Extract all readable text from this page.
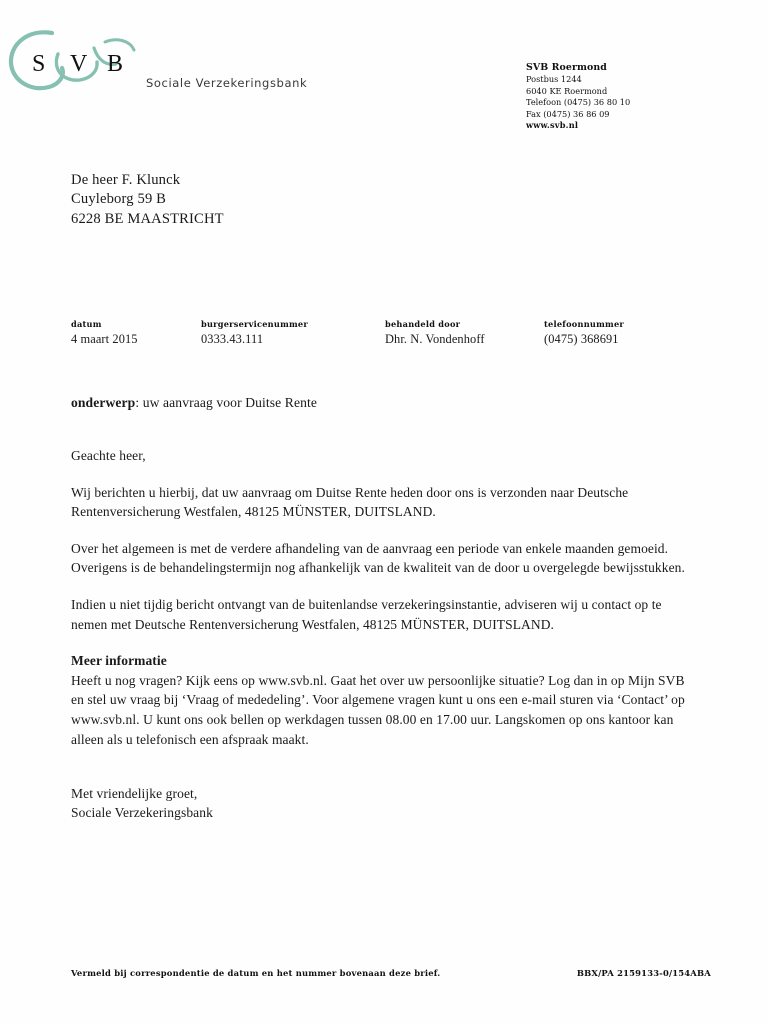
S V B
Sociale Verzekeringsbank
SVB Roermond
Postbus 1244
6040 KE Roermond
Telefoon (0475) 36 80 10
Fax (0475) 36 86 09
www.svb.nl
De heer F. Klunck
Cuyleborg 59 B
6228 BE MAASTRICHT
datum
4 maart 2015
burgerservicenummer
0333.43.111
behandeld door
Dhr. N. Vondenhoff
telefoonnummer
(0475) 368691
onderwerp: uw aanvraag voor Duitse Rente

Geachte heer,

Wij berichten u hierbij, dat uw aanvraag om Duitse Rente heden door ons is verzonden naar Deutsche Rentenversicherung Westfalen, 48125 MÜNSTER, DUITSLAND.

Over het algemeen is met de verdere afhandeling van de aanvraag een periode van enkele maanden gemoeid.

Overigens is de behandelingstermijn nog afhankelijk van de kwaliteit van de door u overgelegde bewijsstukken.

Indien u niet tijdig bericht ontvangt van de buitenlandse verzekeringsinstantie, adviseren wij u contact op te nemen met Deutsche Rentenversicherung Westfalen, 48125 MÜNSTER, DUITSLAND.

Meer informatie
Heeft u nog vragen? Kijk eens op www.svb.nl. Gaat het over uw persoonlijke situatie? Log dan in op Mijn SVB en stel uw vraag bij ‘Vraag of mededeling’. Voor algemene vragen kunt u ons een e-mail sturen via ‘Contact’ op www.svb.nl. U kunt ons ook bellen op werkdagen tussen 08.00 en 17.00 uur. Langskomen op ons kantoor kan alleen als u telefonisch een afspraak maakt.

Met vriendelijke groet,
Sociale Verzekeringsbank
Vermeld bij correspondentie de datum en het nummer bovenaan deze brief.	BBX/PA 2159133-0/154ABA
